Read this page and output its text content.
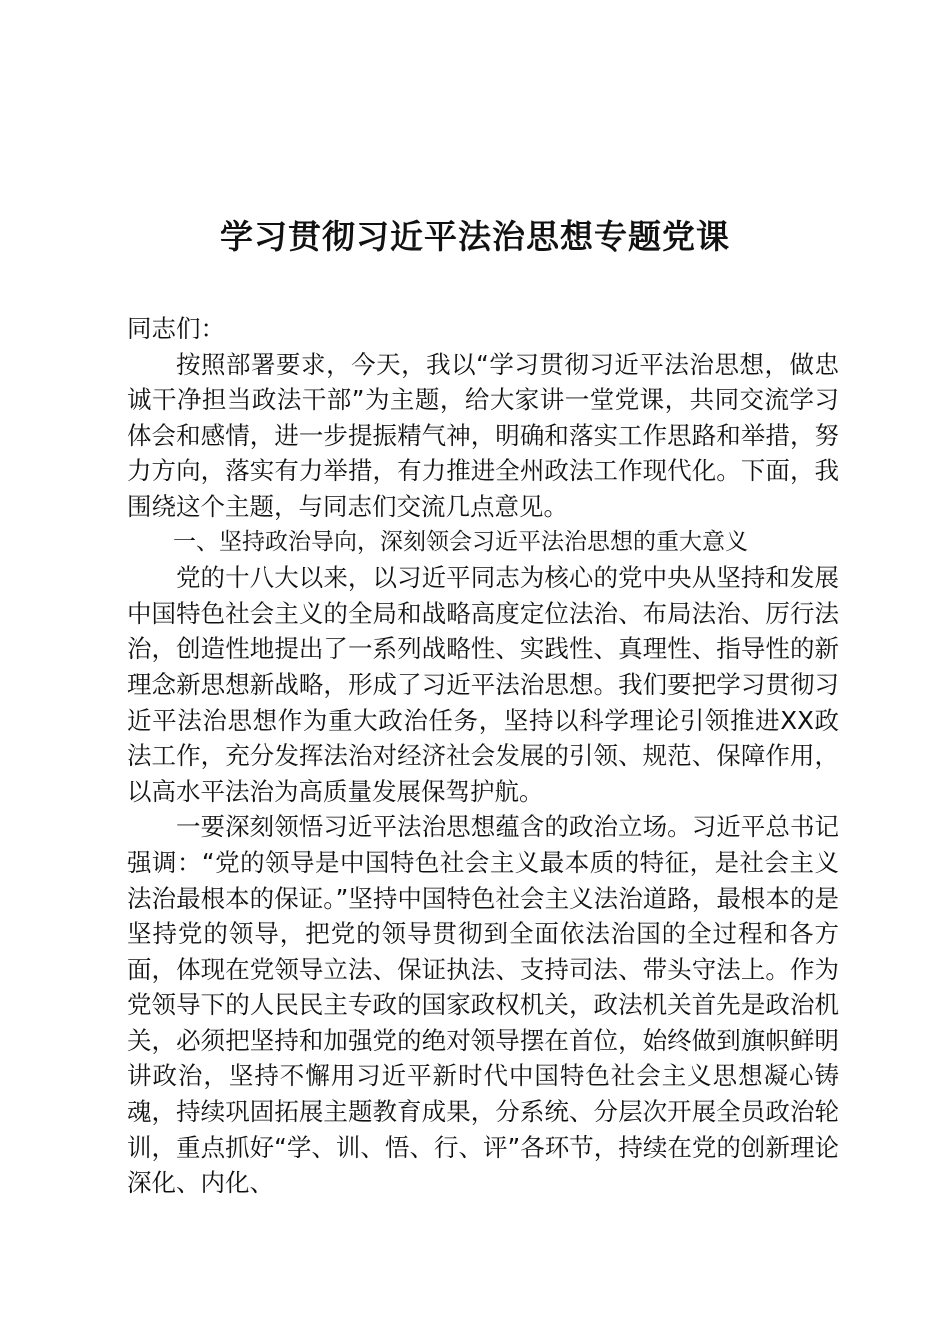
学习贯彻习近平法治思想专题党课

同志们：

按照部署要求，今天，我以“学习贯彻习近平法治思想，做忠诚干净担当政法干部”为主题，给大家讲一堂党课，共同交流学习体会和感情，进一步提振精气神，明确和落实工作思路和举措，努力方向，落实有力举措，有力推进全州政法工作现代化。下面，我围绕这个主题，与同志们交流几点意见。

一、坚持政治导向，深刻领会习近平法治思想的重大意义

党的十八大以来，以习近平同志为核心的党中央从坚持和发展中国特色社会主义的全局和战略高度定位法治、布局法治、厉行法治，创造性地提出了一系列战略性、实践性、真理性、指导性的新理念新思想新战略，形成了习近平法治思想。我们要把学习贯彻习近平法治思想作为重大政治任务，坚持以科学理论引领推进XX政法工作，充分发挥法治对经济社会发展的引领、规范、保障作用，以高水平法治为高质量发展保驾护航。

一要深刻领悟习近平法治思想蕴含的政治立场。习近平总书记强调：“党的领导是中国特色社会主义最本质的特征，是社会主义法治最根本的保证。”坚持中国特色社会主义法治道路，最根本的是坚持党的领导，把党的领导贯彻到全面依法治国的全过程和各方面，体现在党领导立法、保证执法、支持司法、带头守法上。作为党领导下的人民民主专政的国家政权机关，政法机关首先是政治机关，必须把坚持和加强党的绝对领导摆在首位，始终做到旗帜鲜明讲政治，坚持不懈用习近平新时代中国特色社会主义思想凝心铸魂，持续巩固拓展主题教育成果，分系统、分层次开展全员政治轮训，重点抓好“学、训、悟、行、评”各环节，持续在党的创新理论深化、内化、
